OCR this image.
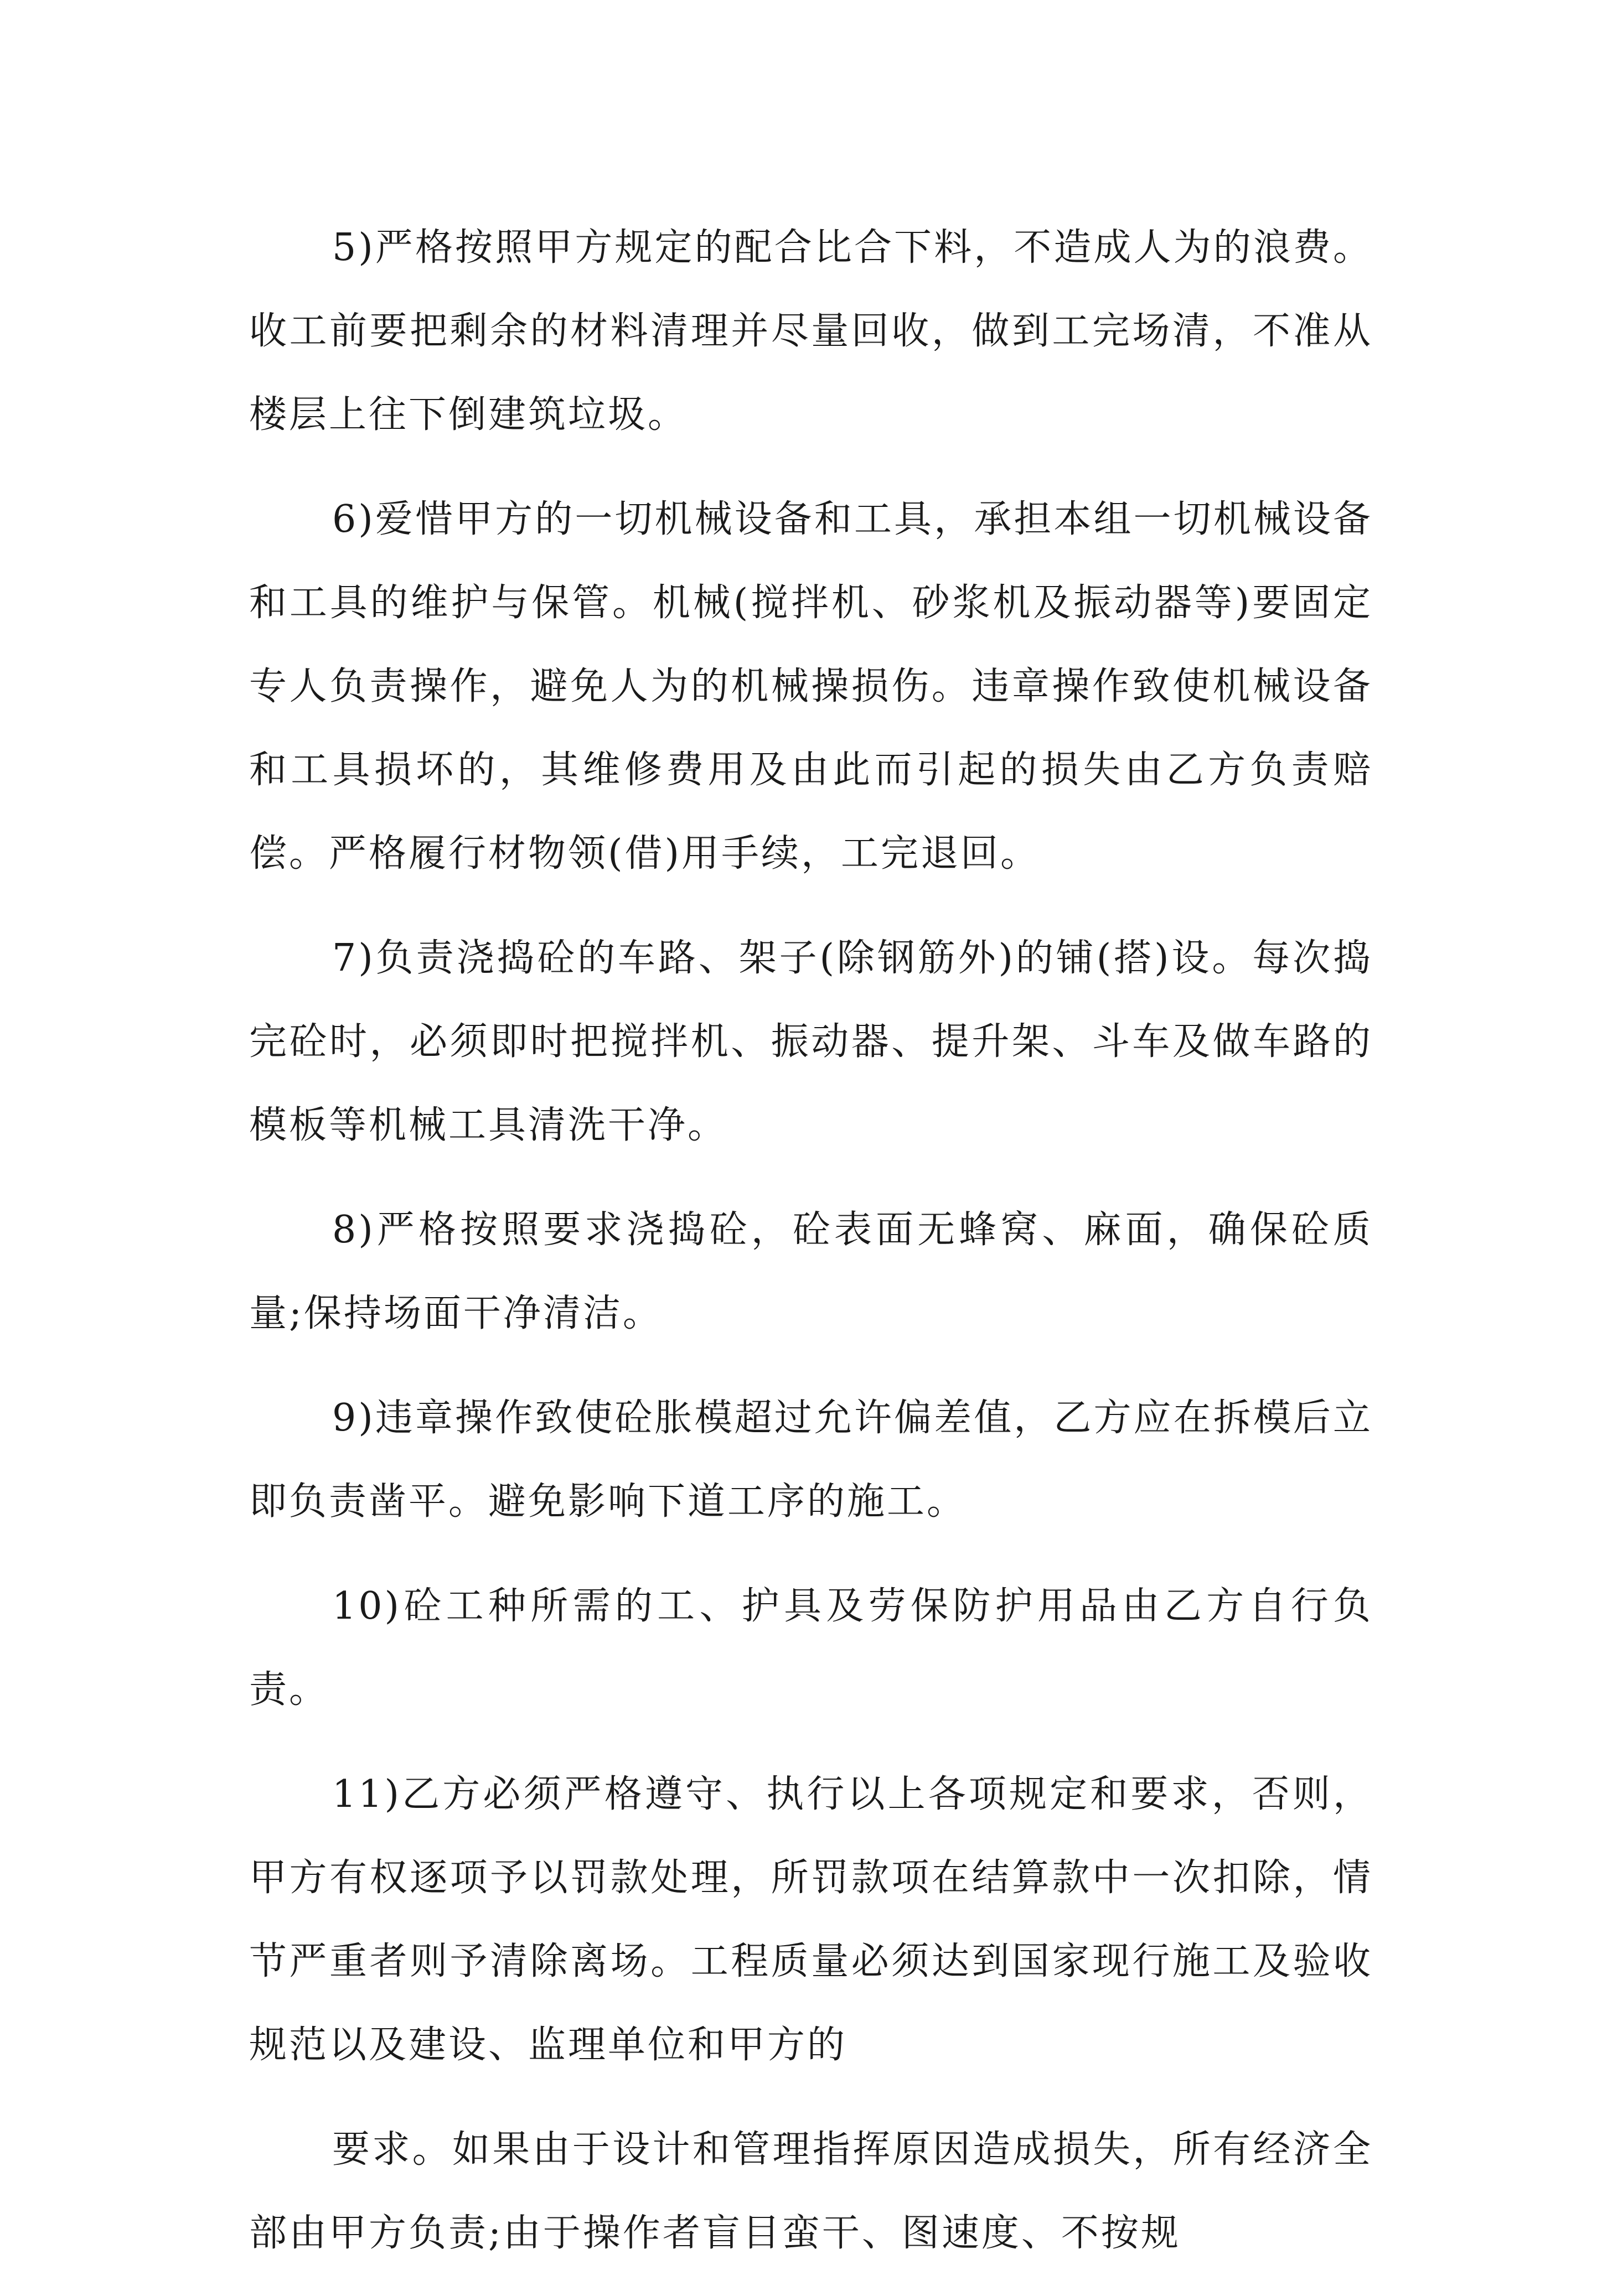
5)严格按照甲方规定的配合比合下料，不造成人为的浪费。收工前要把剩余的材料清理并尽量回收，做到工完场清，不准从楼层上往下倒建筑垃圾。

6)爱惜甲方的一切机械设备和工具，承担本组一切机械设备和工具的维护与保管。机械(搅拌机、砂浆机及振动器等)要固定专人负责操作，避免人为的机械操损伤。违章操作致使机械设备和工具损坏的，其维修费用及由此而引起的损失由乙方负责赔偿。严格履行材物领(借)用手续，工完退回。

7)负责浇捣砼的车路、架子(除钢筋外)的铺(搭)设。每次捣完砼时，必须即时把搅拌机、振动器、提升架、斗车及做车路的模板等机械工具清洗干净。

8)严格按照要求浇捣砼，砼表面无蜂窝、麻面，确保砼质量;保持场面干净清洁。

9)违章操作致使砼胀模超过允许偏差值，乙方应在拆模后立即负责凿平。避免影响下道工序的施工。

10)砼工种所需的工、护具及劳保防护用品由乙方自行负责。

11)乙方必须严格遵守、执行以上各项规定和要求，否则，甲方有权逐项予以罚款处理，所罚款项在结算款中一次扣除，情节严重者则予清除离场。工程质量必须达到国家现行施工及验收规范以及建设、监理单位和甲方的

要求。如果由于设计和管理指挥原因造成损失，所有经济全部由甲方负责;由于操作者盲目蛮干、图速度、不按规
